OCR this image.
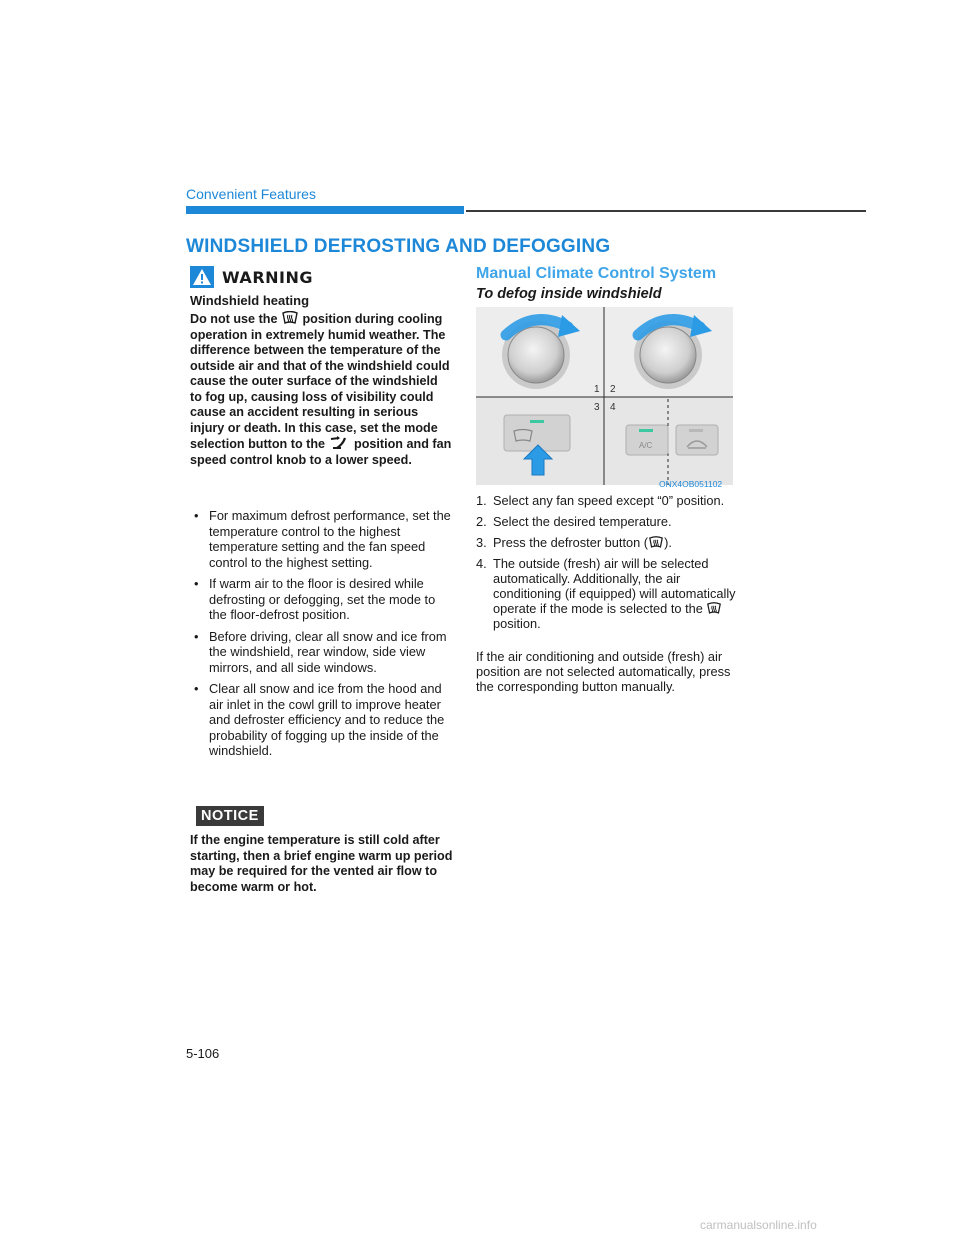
Convenient Features
WINDSHIELD DEFROSTING AND DEFOGGING
WARNING
Windshield heating
Do not use the position during cooling operation in extremely humid weather. The difference between the temperature of the outside air and that of the windshield could cause the outer surface of the windshield to fog up, causing loss of visibility could cause an accident resulting in serious injury or death. In this case, set the mode selection button to the position and fan speed control knob to a lower speed.
• For maximum defrost performance, set the temperature control to the highest temperature setting and the fan speed control to the highest setting.
• If warm air to the floor is desired while defrosting or defogging, set the mode to the floor-defrost position.
• Before driving, clear all snow and ice from the windshield, rear window, side view mirrors, and all side windows.
• Clear all snow and ice from the hood and air inlet in the cowl grill to improve heater and defroster efficiency and to reduce the probability of fogging up the inside of the windshield.
NOTICE
If the engine temperature is still cold after starting, then a brief engine warm up period may be required for the vented air flow to become warm or hot.
Manual Climate Control System
To defog inside windshield
1 2
3 4
A/C
ONX4OB051102
1. Select any fan speed except “0” position.
2. Select the desired temperature.
3. Press the defroster button ( ).
4. The outside (fresh) air will be selected automatically. Additionally, the air conditioning (if equipped) will automatically operate if the mode is selected to the  position.
If the air conditioning and outside (fresh) air position are not selected automatically, press the corresponding button manually.
5-106
carmanualsonline.info
